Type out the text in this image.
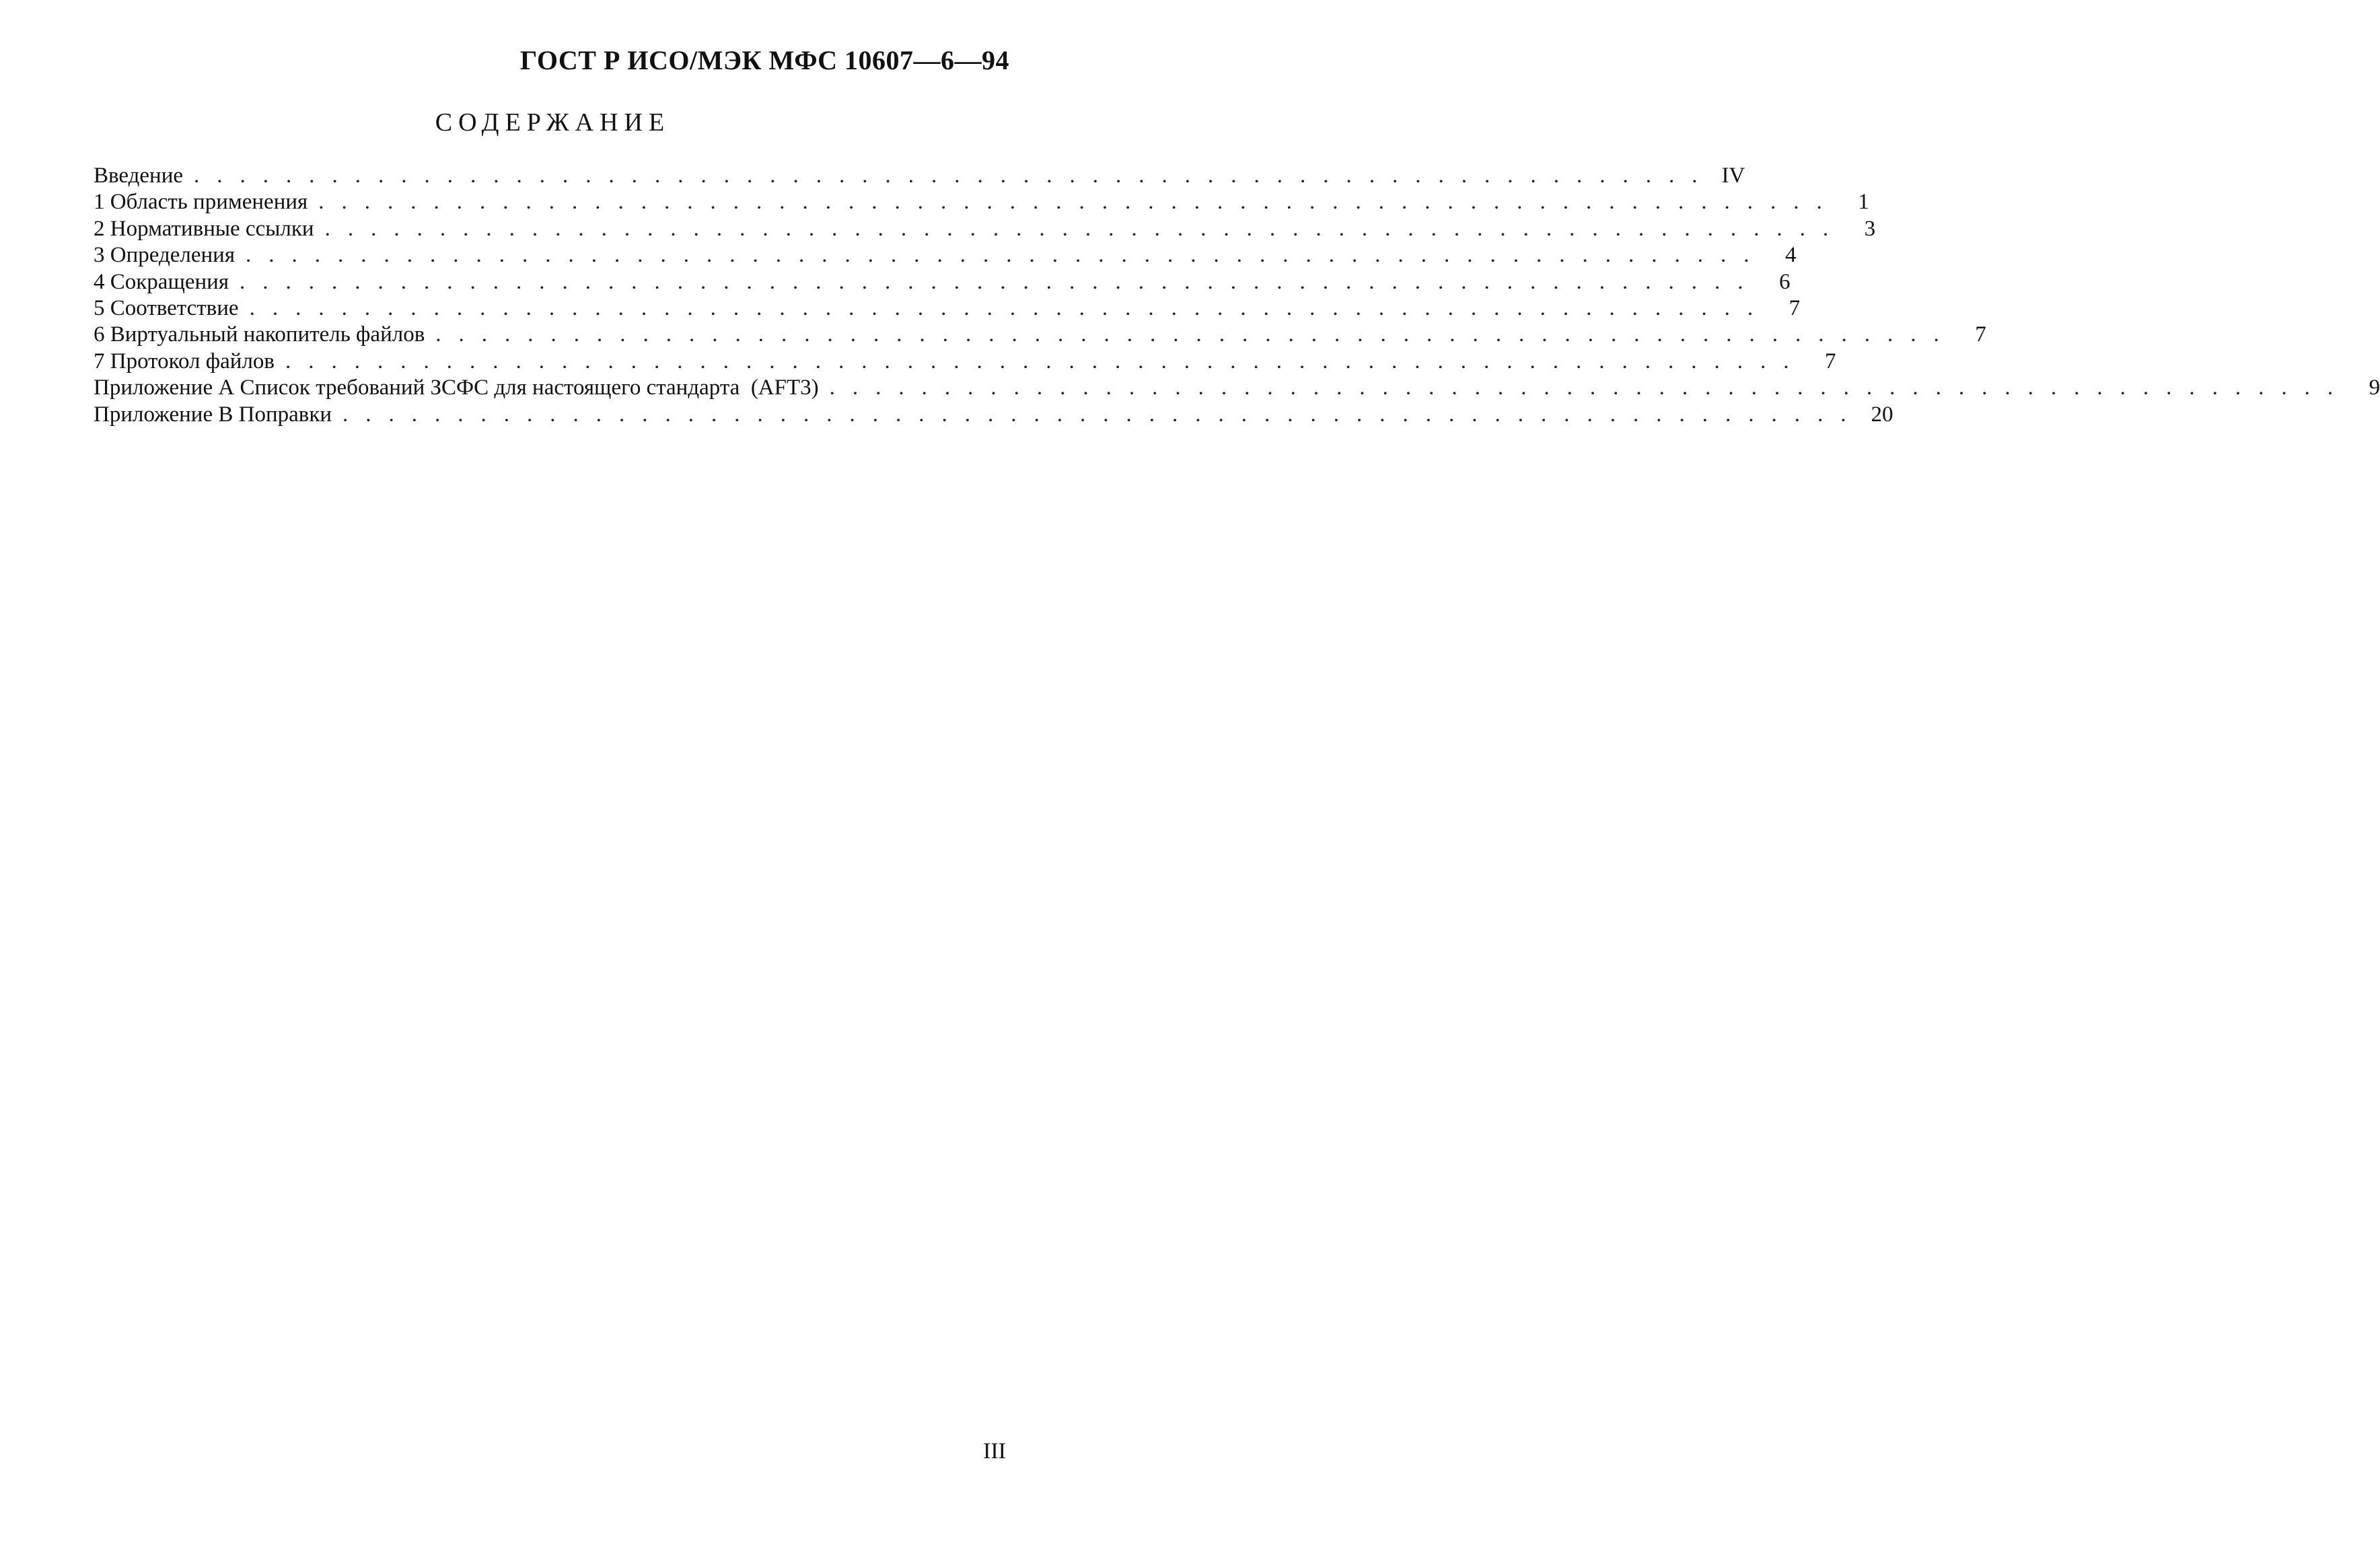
ГОСТ Р ИСО/МЭК МФС 10607—6—94
СОДЕРЖАНИЕ
Введение .................................................................. IV
1 Область применения .................................................................. 1
2 Нормативные ссылки .................................................................. 3
3 Определения .................................................................. 4
4 Сокращения .................................................................. 6
5 Соответствие .................................................................. 7
6 Виртуальный накопитель файлов .................................................................. 7
7 Протокол файлов .................................................................. 7
Приложение А Список требований ЗСФС для настоящего стандарта  (AFT3) .................................................................. 9
Приложение В Поправки .................................................................. 20
III
